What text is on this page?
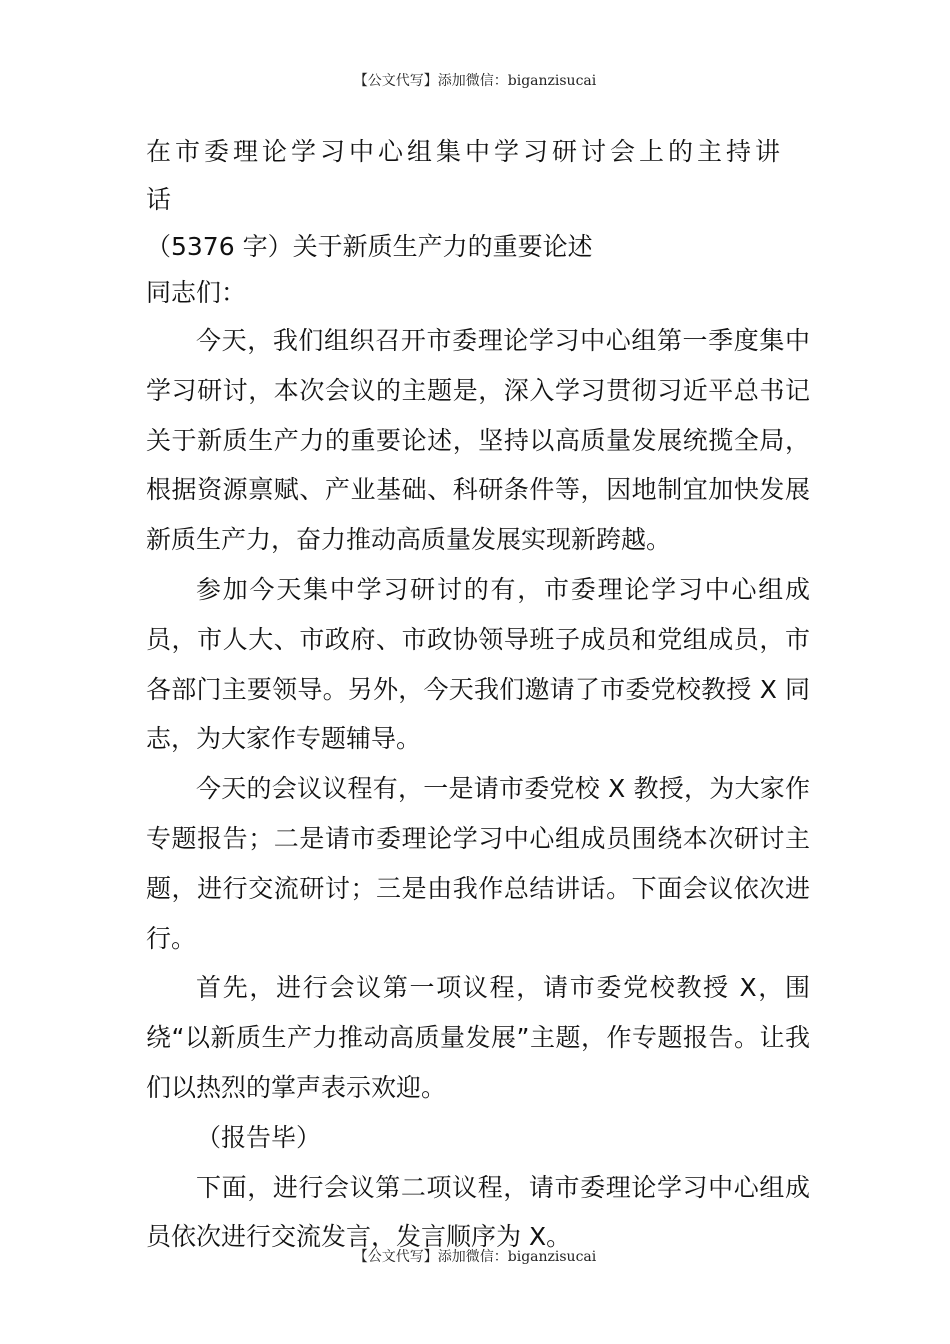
【公文代写】添加微信：biganzisucai
在市委理论学习中心组集中学习研讨会上的主持讲话
（5376 字）关于新质生产力的重要论述

同志们：

今天，我们组织召开市委理论学习中心组第一季度集中学习研讨，本次会议的主题是，深入学习贯彻习近平总书记关于新质生产力的重要论述，坚持以高质量发展统揽全局，根据资源禀赋、产业基础、科研条件等，因地制宜加快发展新质生产力，奋力推动高质量发展实现新跨越。

参加今天集中学习研讨的有，市委理论学习中心组成员，市人大、市政府、市政协领导班子成员和党组成员，市各部门主要领导。另外，今天我们邀请了市委党校教授 X 同志，为大家作专题辅导。

今天的会议议程有，一是请市委党校 X 教授，为大家作专题报告；二是请市委理论学习中心组成员围绕本次研讨主题，进行交流研讨；三是由我作总结讲话。下面会议依次进行。

首先，进行会议第一项议程，请市委党校教授 X，围绕“以新质生产力推动高质量发展”主题，作专题报告。让我们以热烈的掌声表示欢迎。

（报告毕）

下面，进行会议第二项议程，请市委理论学习中心组成员依次进行交流发言，发言顺序为 X。

【公文代写】添加微信：biganzisucai
